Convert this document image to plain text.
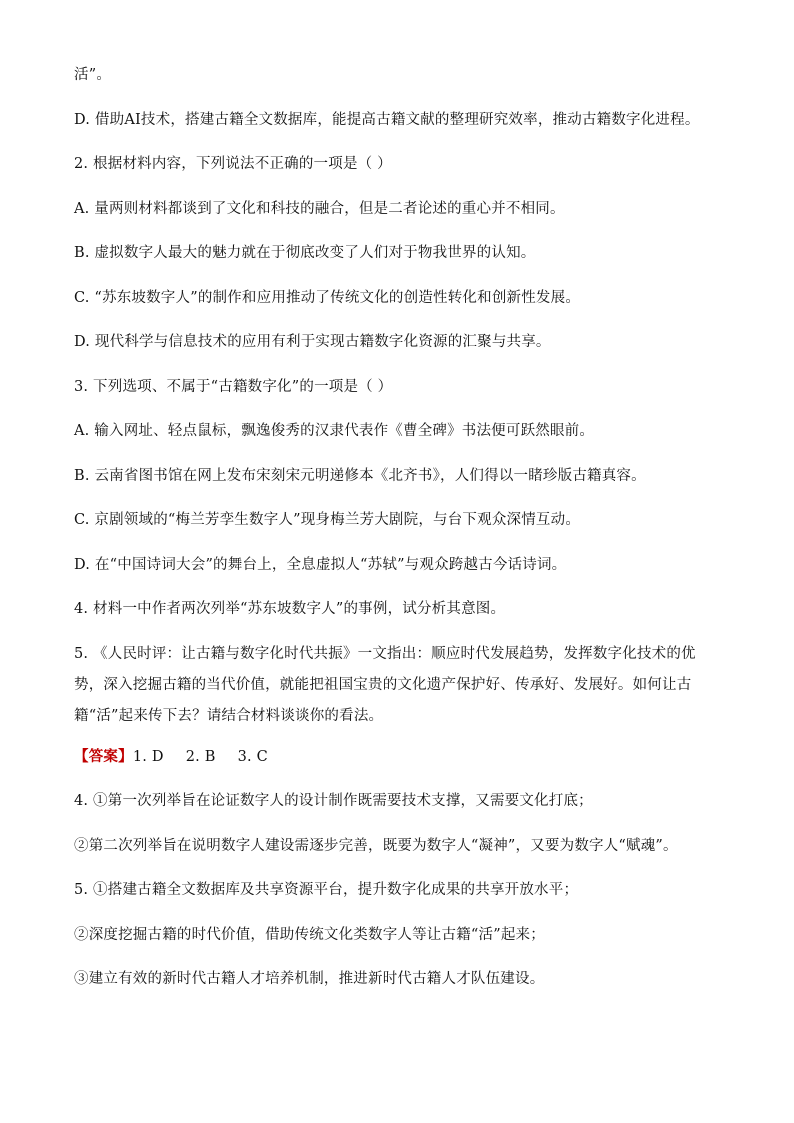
活”。

D. 借助AI技术，搭建古籍全文数据库，能提高古籍文献的整理研究效率，推动古籍数字化进程。

2. 根据材料内容，下列说法不正确的一项是（ ）

A. 量两则材料都谈到了文化和科技的融合，但是二者论述的重心并不相同。

B. 虚拟数字人最大的魅力就在于彻底改变了人们对于物我世界的认知。

C. “苏东坡数字人”的制作和应用推动了传统文化的创造性转化和创新性发展。

D. 现代科学与信息技术的应用有利于实现古籍数字化资源的汇聚与共享。

3. 下列选项、不属于“古籍数字化”的一项是（ ）

A. 输入网址、轻点鼠标，飘逸俊秀的汉隶代表作《曹全碑》书法便可跃然眼前。

B. 云南省图书馆在网上发布宋刻宋元明递修本《北齐书》，人们得以一睹珍版古籍真容。

C. 京剧领域的“梅兰芳孪生数字人”现身梅兰芳大剧院，与台下观众深情互动。

D. 在“中国诗词大会”的舞台上，全息虚拟人“苏轼”与观众跨越古今话诗词。

4. 材料一中作者两次列举“苏东坡数字人”的事例，试分析其意图。

5. 《人民时评：让古籍与数字化时代共振》一文指出：顺应时代发展趋势，发挥数字化技术的优势，深入挖掘古籍的当代价值，就能把祖国宝贵的文化遗产保护好、传承好、发展好。如何让古籍“活”起来传下去？请结合材料谈谈你的看法。

【答案】1. D 2. B 3. C

4. ①第一次列举旨在论证数字人的设计制作既需要技术支撑，又需要文化打底；

②第二次列举旨在说明数字人建设需逐步完善，既要为数字人“凝神”，又要为数字人“赋魂”。

5. ①搭建古籍全文数据库及共享资源平台，提升数字化成果的共享开放水平；

②深度挖掘古籍的时代价值，借助传统文化类数字人等让古籍“活”起来；

③建立有效的新时代古籍人才培养机制，推进新时代古籍人才队伍建设。
